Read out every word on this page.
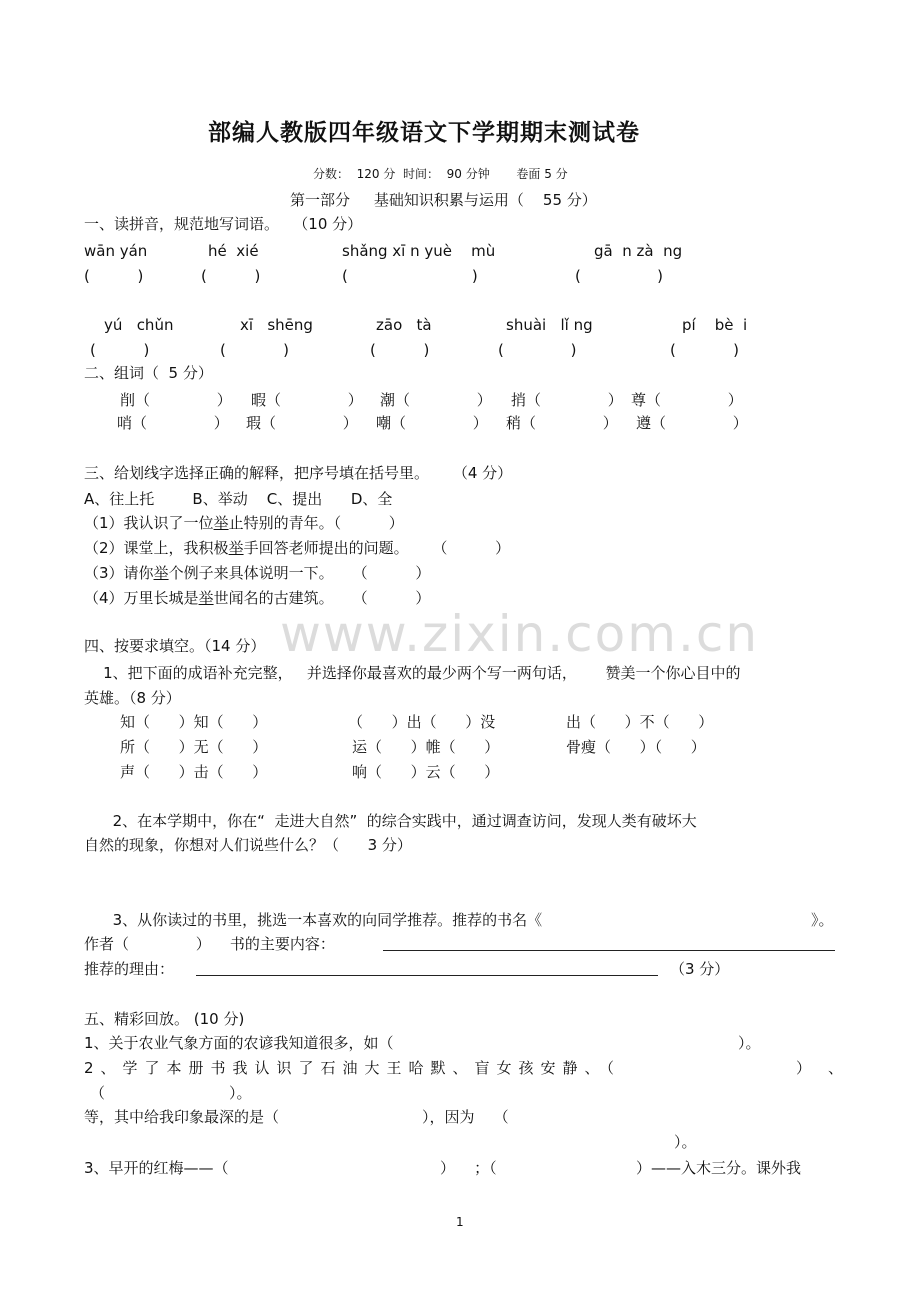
www.zixin.com.cn
部编人教版四年级语文下学期期末测试卷
分数：  120 分  时间：  90 分钟       卷面 5 分
第一部分     基础知识积累与运用（    55 分）
一、读拼音，规范地写词语。   （10 分）
wān yán	hé  xié	shǎng xī n yuè    mù	gā  n zà  ng
(          )	(          )	(                          )	(                )
yú   chǔn	xī   shēng	zāo   tà	shuài   lǐ ng	pí    bè  i
(          )	(            )	(          )	(              )	(            )
二、组词（  5 分）
削（              ） 暇（              ） 潮（              ） 捎（              ） 尊（              ）
哨（              ） 瑕（              ） 嘲（              ） 稍（              ） 遵（              ）
三、给划线字选择正确的解释，把序号填在括号里。     （4 分）
A、往上托        B、举动    C、提出      D、全
（1）我认识了一位举止特别的青年。（          ）
（2）课堂上，我积极举手回答老师提出的问题。     （          ）
（3）请你举个例子来具体说明一下。    （          ）
（4）万里长城是举世闻名的古建筑。    （          ）
四、按要求填空。（14 分）
1、把下面的成语补充完整，   并选择你最喜欢的最少两个写一两句话，      赞美一个你心目中的
英雄。（8 分）
知（      ）知（      ）	（      ）出（      ）没	出（      ）不（      ）
所（      ）无（      ）	运（      ）帷（      ）	骨瘦（      ）（      ）
声（      ）击（      ）	响（      ）云（      ）
2、在本学期中，你在“  走进大自然”  的综合实践中，通过调查访问，发现人类有破坏大
自然的现象，你想对人们说些什么？（      3 分）
3、从你读过的书里，挑选一本喜欢的向同学推荐。推荐的书名《	》。
作者（              ）    书的主要内容：
推荐的理由：	（3 分）
五、精彩回放。 (10 分)
1、关于农业气象方面的农谚我知道很多，如（	）。
2、学了本册书我认识了石油大王哈默、盲女孩安静、（	） 、
（                          ）。
等，其中给我印象最深的是（                              ），因为    （
）。
3、早开的红梅——（	）    ；（	）——入木三分。课外我
1
